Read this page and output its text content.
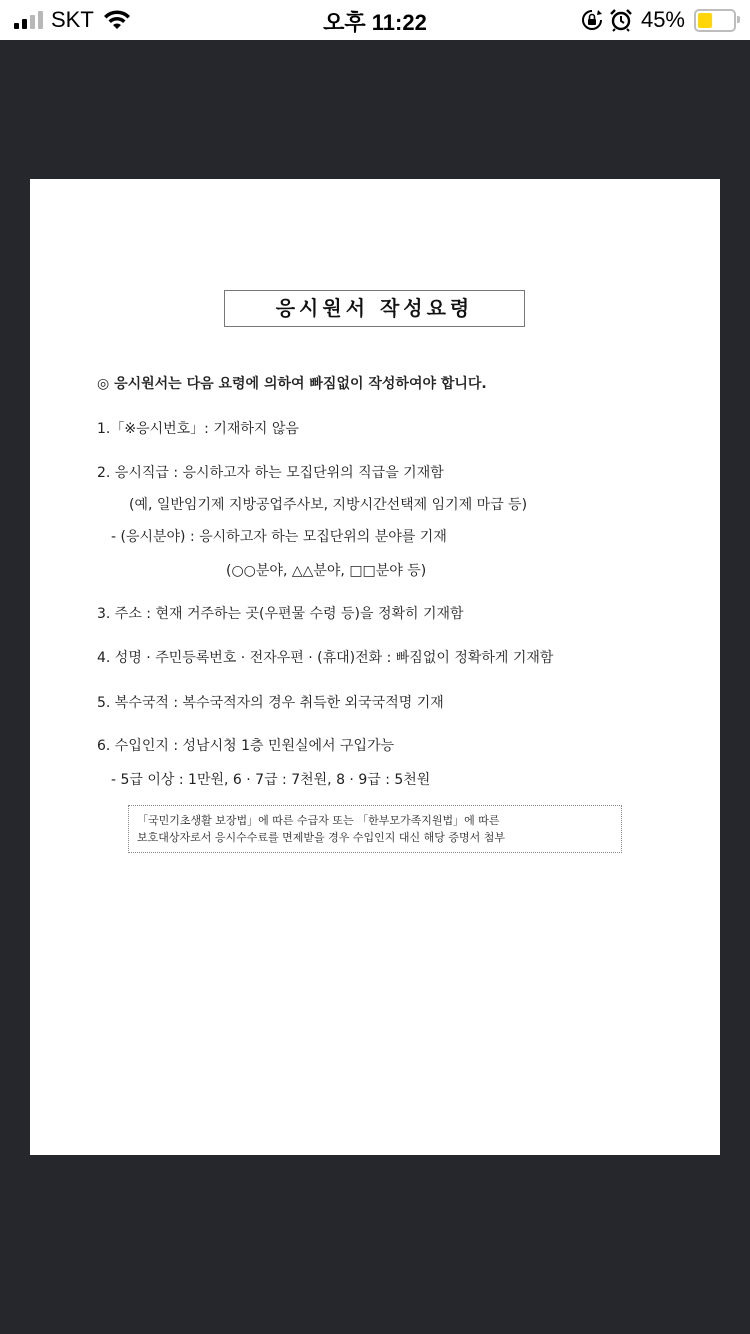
SKT	오후 11:22	45%
응시원서 작성요령
◎ 응시원서는 다음 요령에 의하여 빠짐없이 작성하여야 합니다.
1.「※응시번호」: 기재하지 않음
2. 응시직급 : 응시하고자 하는 모집단위의 직급을 기재함
(예, 일반임기제 지방공업주사보, 지방시간선택제 임기제 마급 등)
- (응시분야) : 응시하고자 하는 모집단위의 분야를 기재
(○○분야, △△분야, □□분야 등)
3. 주소 : 현재 거주하는 곳(우편물 수령 등)을 정확히 기재함
4. 성명 · 주민등록번호 · 전자우편 · (휴대)전화 : 빠짐없이 정확하게 기재함
5. 복수국적 : 복수국적자의 경우 취득한 외국국적명 기재
6. 수입인지 : 성남시청 1층 민원실에서 구입가능
- 5급 이상 : 1만원, 6 · 7급 : 7천원, 8 · 9급 : 5천원
「국민기초생활 보장법」에 따른 수급자 또는 「한부모가족지원법」에 따른
보호대상자로서 응시수수료를 면제받을 경우 수입인지 대신 해당 증명서 첨부
